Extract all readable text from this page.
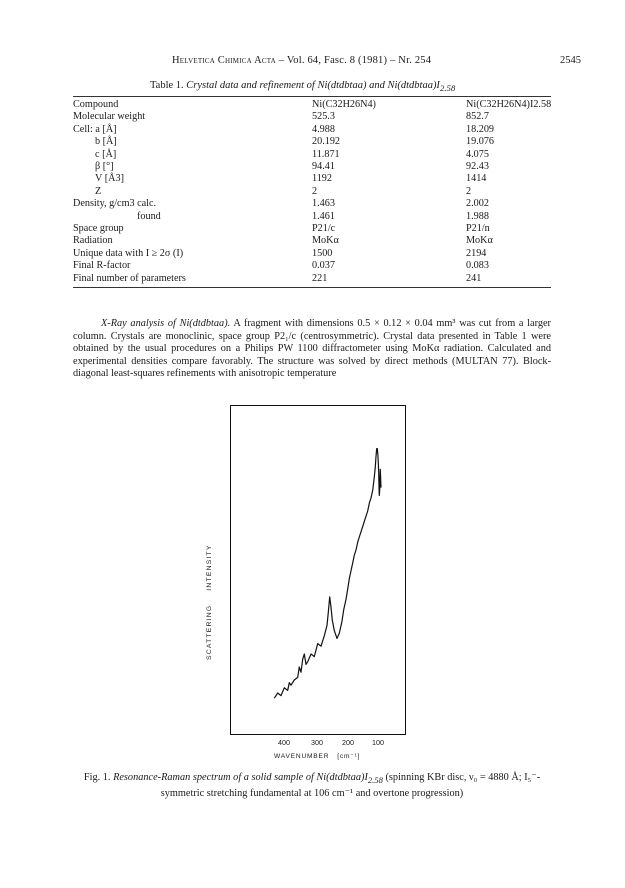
Helvetica Chimica Acta – Vol. 64, Fasc. 8 (1981) – Nr. 254	2545
Table 1. Crystal data and refinement of Ni(dtdbtaa) and $Ni(dtdbtaa)I_{2.58}$
Compound	Ni(C32H26N4)	Ni(C32H26N4)I2.58
Molecular weight	525.3	852.7
Cell: a [Å]	4.988	18.209
b [Å]	20.192	19.076
c [Å]	11.871	4.075
β [°]	94.41	92.43
V [Å3]	1192	1414
Z	2	2
Density, g/cm3 calc.	1.463	2.002
found	1.461	1.988
Space group	P21/c	P21/n
Radiation	MoKα	MoKα
Unique data with I ≥ 2σ (I)	1500	2194
Final R-factor	0.037	0.083
Final number of parameters	221	241
X-Ray analysis of Ni(dtdbtaa). A fragment with dimensions 0.5 × 0.12 × 0.04 mm³ was cut from a larger column. Crystals are monoclinic, space group P2₁/c (centrosymmetric). Crystal data presented in Table 1 were obtained by the usual procedures on a Philips PW 1100 diffractometer using MoKα radiation. Calculated and experimental densities compare favorably. The structure was solved by direct methods (MULTAN 77). Block-diagonal least-squares refinements with anisotropic temperature
SCATTERINGINTENSITY
400	300	200	100
WAVENUMBER [cm⁻¹]
Fig. 1. Resonance-Raman spectrum of a solid sample of $Ni(dtdbtaa)I_{2.58}$ (spinning KBr disc, ν₀ = 4880 Å; I₅⁻-symmetric stretching fundamental at 106 cm⁻¹ and overtone progression)
